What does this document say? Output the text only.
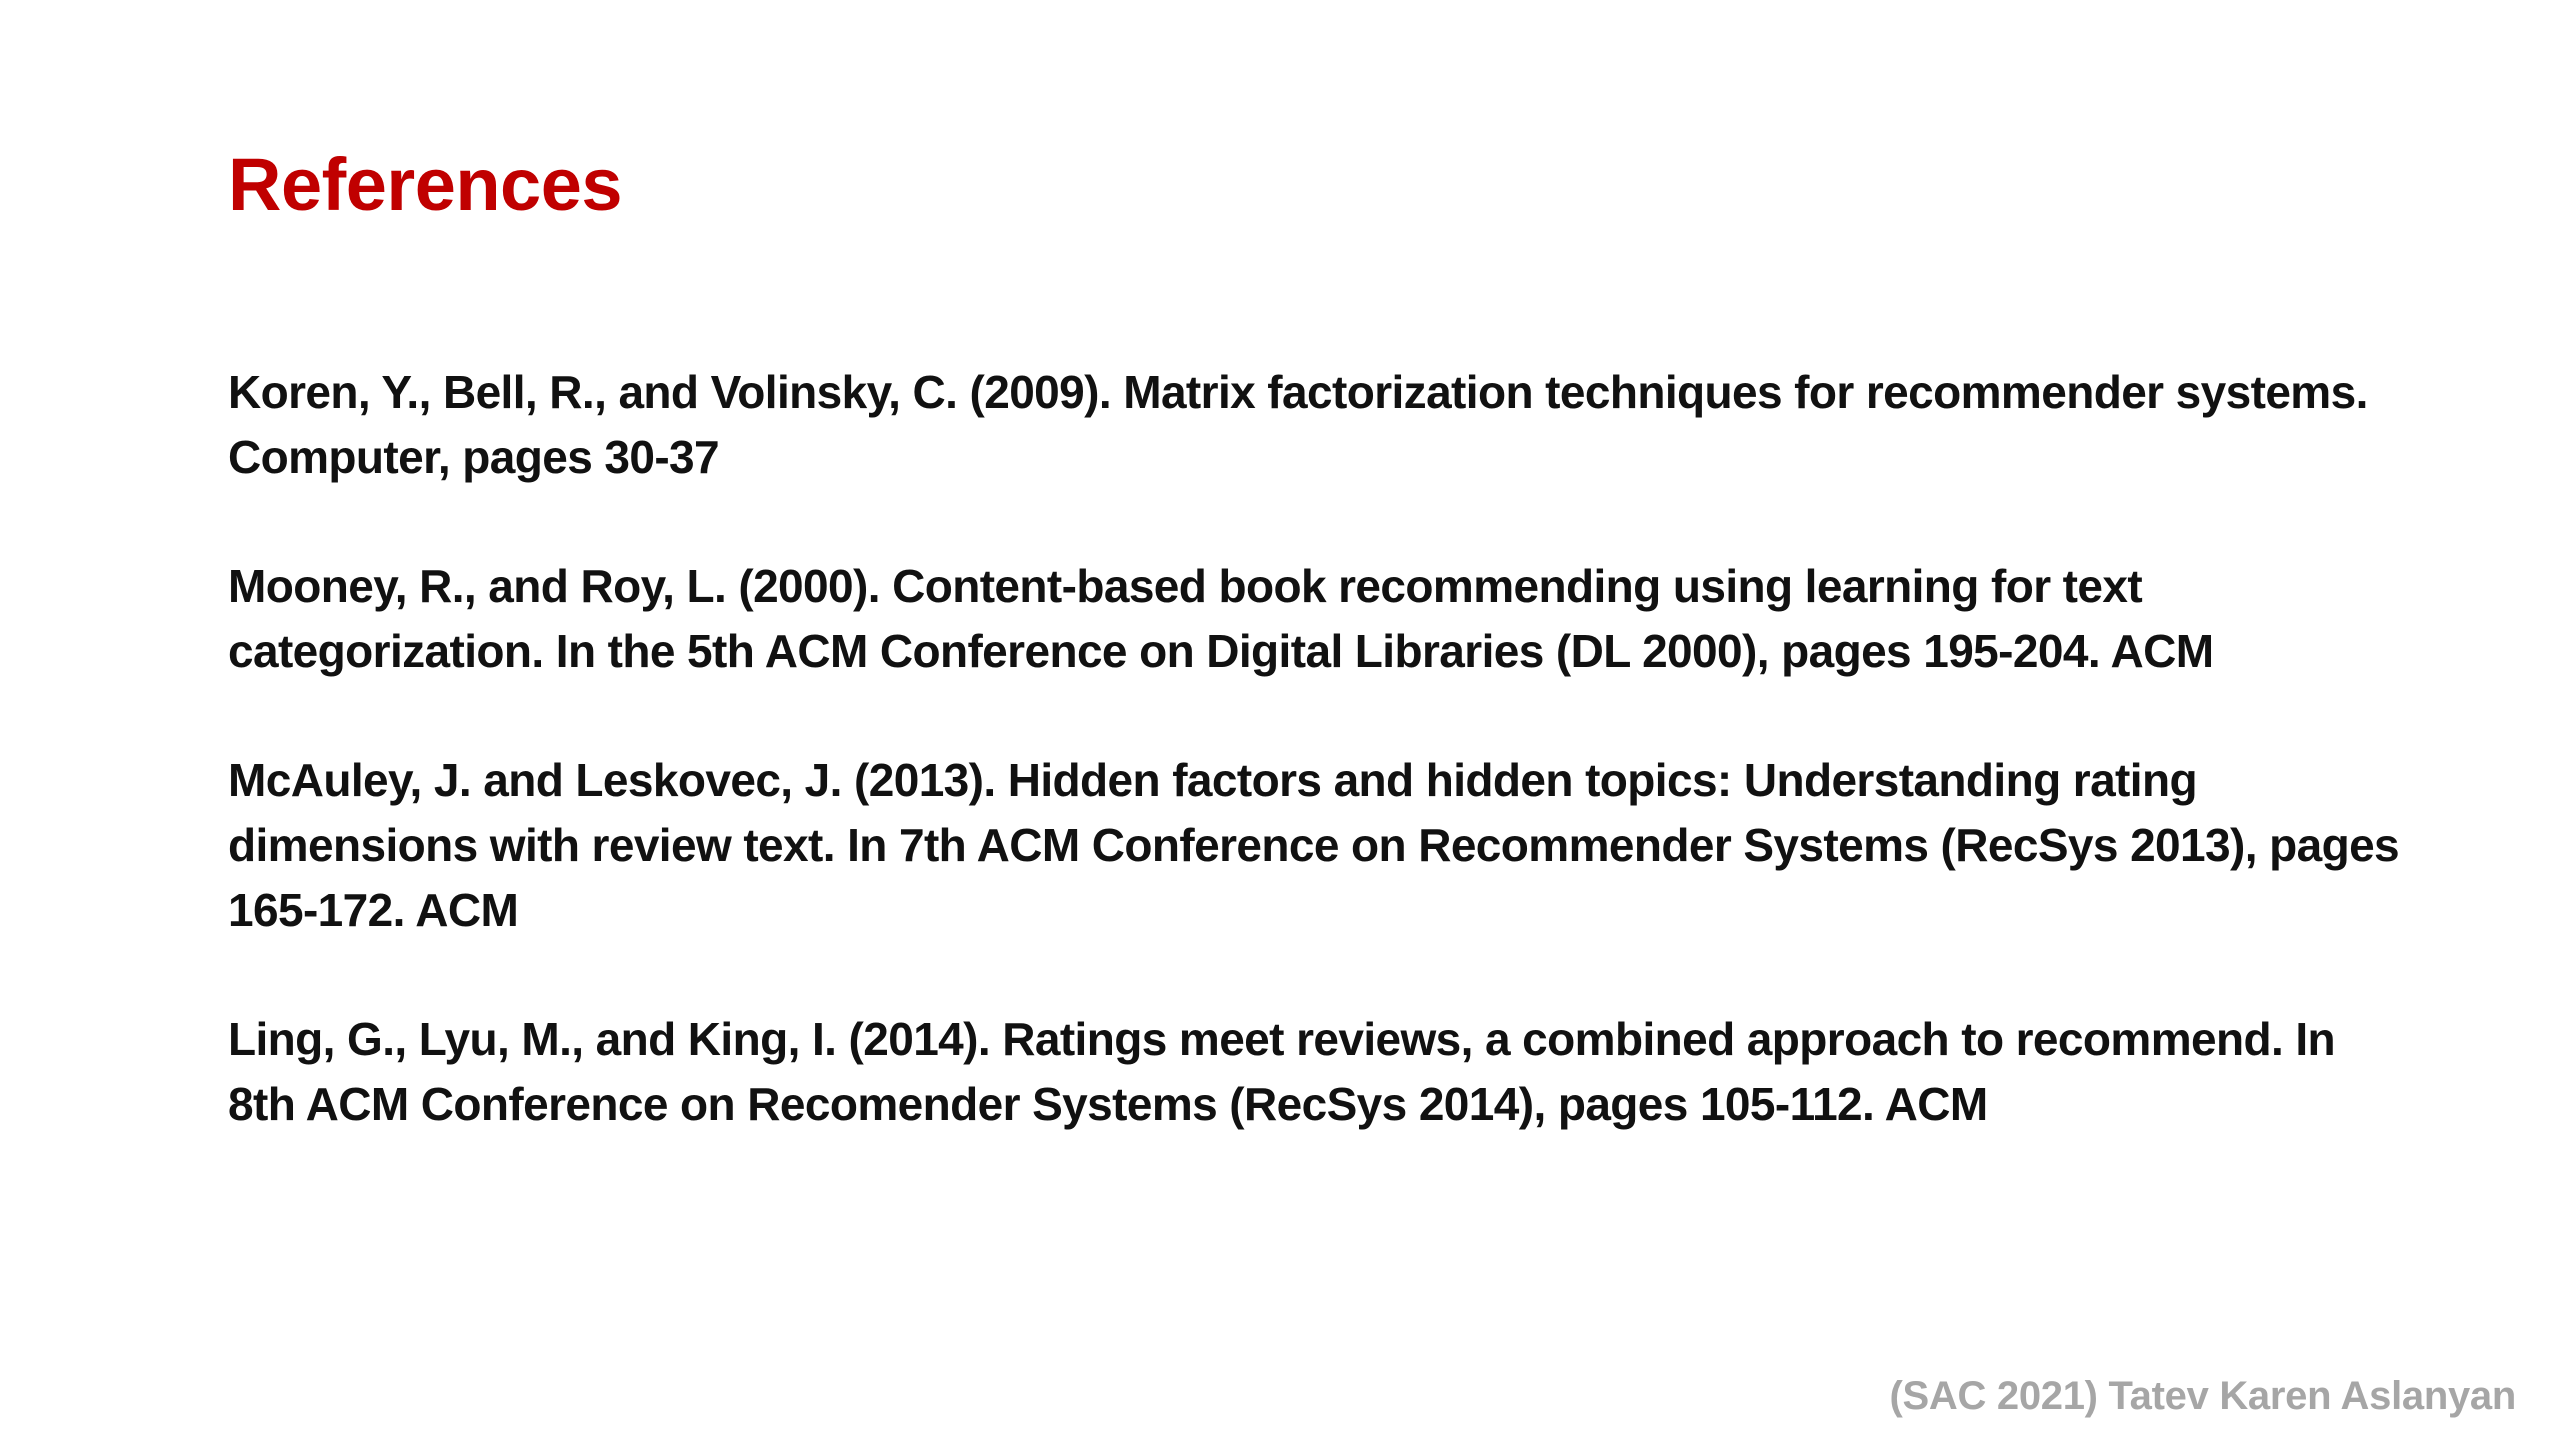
References

Koren, Y., Bell, R., and Volinsky, C. (2009). Matrix factorization techniques for recommender systems. Computer, pages 30-37

Mooney, R., and Roy, L. (2000). Content-based book recommending using learning for text categorization. In the 5th ACM Conference on Digital Libraries (DL 2000), pages 195-204. ACM

McAuley, J. and Leskovec, J. (2013). Hidden factors and hidden topics: Understanding rating dimensions with review text. In 7th ACM Conference on Recommender Systems (RecSys 2013), pages 165-172. ACM

Ling, G., Lyu, M., and King, I. (2014). Ratings meet reviews, a combined approach to recommend. In 8th ACM Conference on Recomender Systems (RecSys 2014), pages 105-112. ACM

(SAC 2021) Tatev Karen Aslanyan
